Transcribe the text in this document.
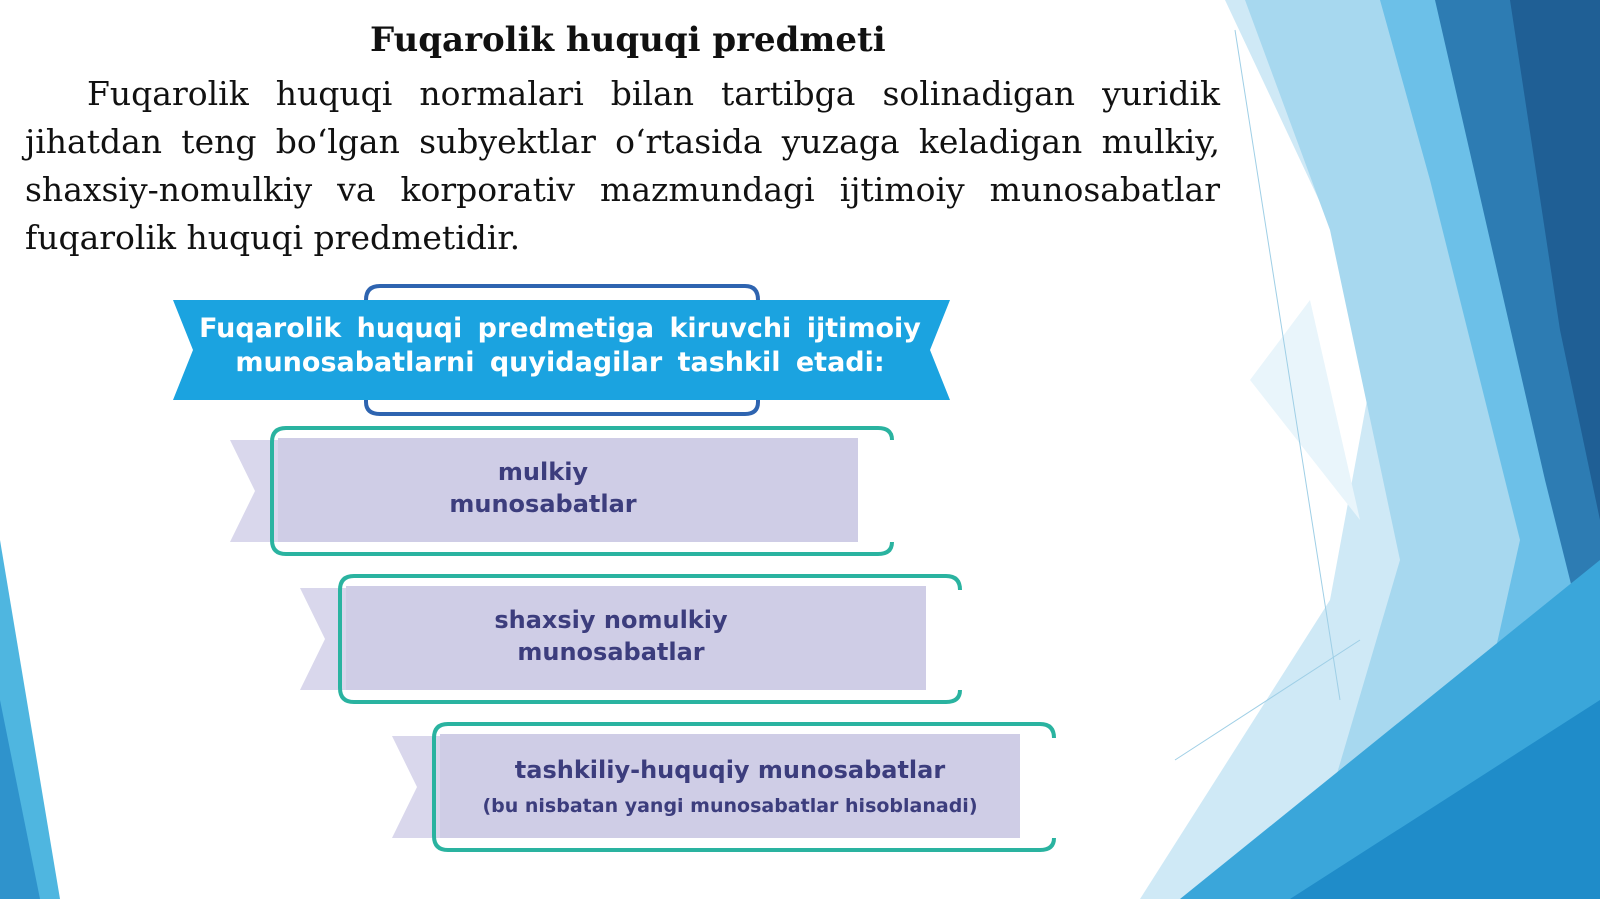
Fuqarolik huquqi predmeti

Fuqarolik huquqi normalari bilan tartibga solinadigan yuridik jihatdan teng bo‘lgan subyektlar o‘rtasida yuzaga keladigan mulkiy, shaxsiy-nomulkiy va korporativ mazmundagi ijtimoiy munosabatlar fuqarolik huquqi predmetidir.

Fuqarolik huquqi predmetiga kiruvchi ijtimoiy
munosabatlarni quyidagilar tashkil etadi:
mulkiy
munosabatlar
shaxsiy nomulkiy
munosabatlar
tashkiliy-huquqiy munosabatlar
(bu nisbatan yangi munosabatlar hisoblanadi)
